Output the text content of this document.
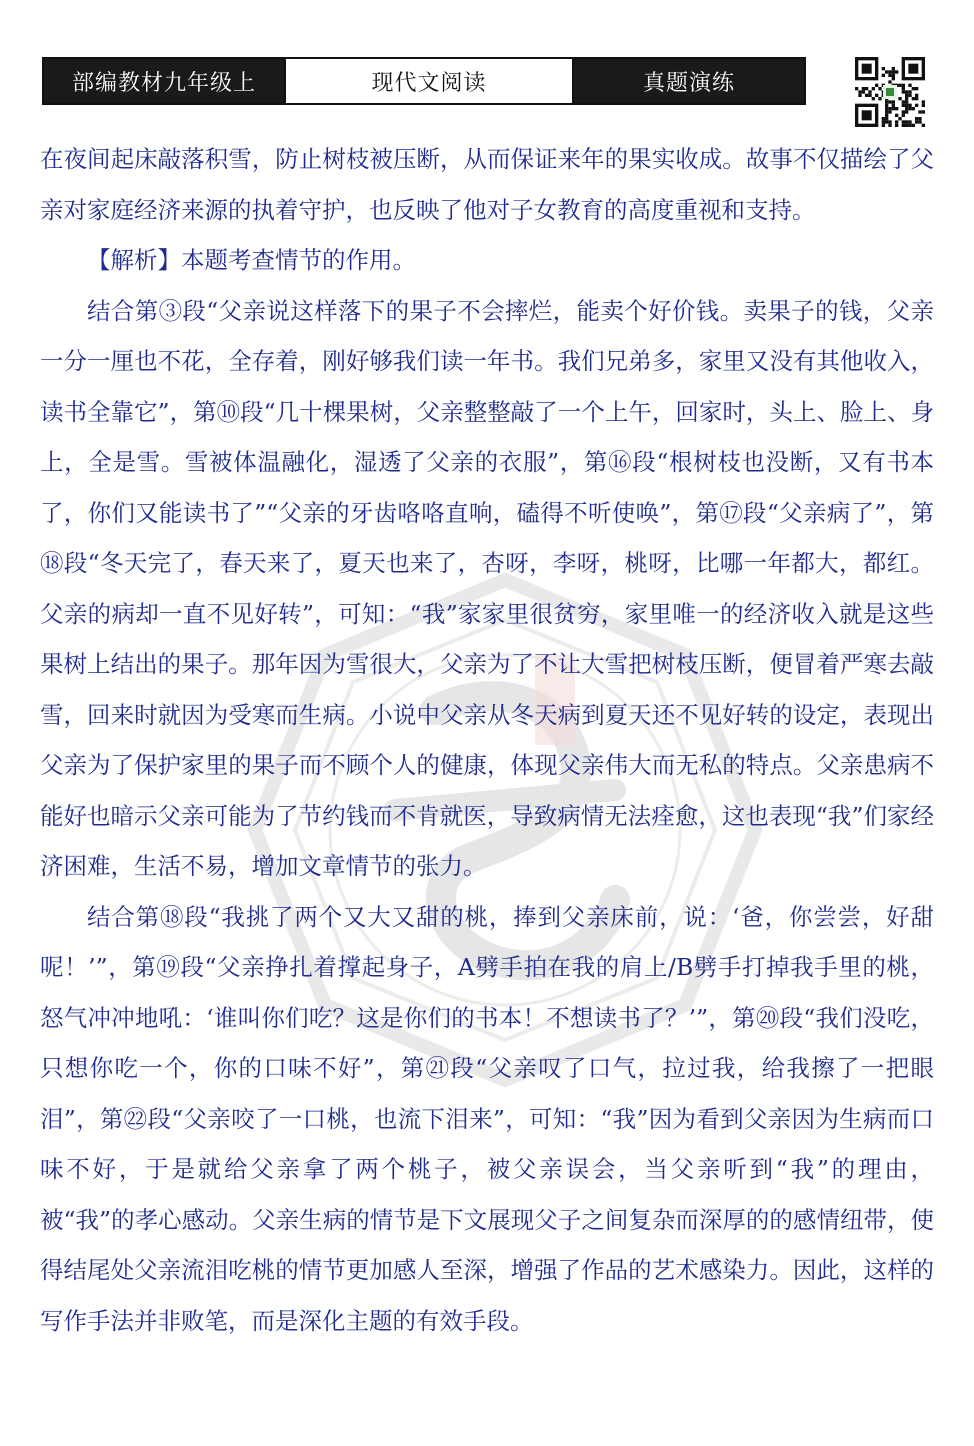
部编教材九年级上	现代文阅读	真题演练

在夜间起床敲落积雪，防止树枝被压断，从而保证来年的果实收成。故事不仅描绘了父亲对家庭经济来源的执着守护，也反映了他对子女教育的高度重视和支持。

【解析】本题考查情节的作用。

结合第③段“父亲说这样落下的果子不会摔烂，能卖个好价钱。卖果子的钱，父亲一分一厘也不花，全存着，刚好够我们读一年书。我们兄弟多，家里又没有其他收入，读书全靠它”，第⑩段“几十棵果树，父亲整整敲了一个上午，回家时，头上、脸上、身上，全是雪。雪被体温融化，湿透了父亲的衣服”，第⑯段“根树枝也没断，又有书本了，你们又能读书了”“父亲的牙齿咯咯直响，磕得不听使唤”，第⑰段“父亲病了”，第⑱段“冬天完了，春天来了，夏天也来了，杏呀，李呀，桃呀，比哪一年都大，都红。父亲的病却一直不见好转”，可知：“我”家家里很贫穷，家里唯一的经济收入就是这些果树上结出的果子。那年因为雪很大，父亲为了不让大雪把树枝压断，便冒着严寒去敲雪，回来时就因为受寒而生病。小说中父亲从冬天病到夏天还不见好转的设定，表现出父亲为了保护家里的果子而不顾个人的健康，体现父亲伟大而无私的特点。父亲患病不能好也暗示父亲可能为了节约钱而不肯就医，导致病情无法痊愈，这也表现“我”们家经济困难，生活不易，增加文章情节的张力。

结合第⑱段“我挑了两个又大又甜的桃，捧到父亲床前，说：‘爸，你尝尝，好甜呢！’”，第⑲段“父亲挣扎着撑起身子，A劈手拍在我的肩上/B劈手打掉我手里的桃，怒气冲冲地吼：‘谁叫你们吃？这是你们的书本！不想读书了？’”，第⑳段“我们没吃，只想你吃一个，你的口味不好”，第㉑段“父亲叹了口气，拉过我，给我擦了一把眼泪”，第㉒段“父亲咬了一口桃，也流下泪来”，可知：“我”因为看到父亲因为生病而口味不好，于是就给父亲拿了两个桃子，被父亲误会，当父亲听到“我”的理由，被“我”的孝心感动。父亲生病的情节是下文展现父子之间复杂而深厚的的感情纽带，使得结尾处父亲流泪吃桃的情节更加感人至深，增强了作品的艺术感染力。因此，这样的写作手法并非败笔，而是深化主题的有效手段。
